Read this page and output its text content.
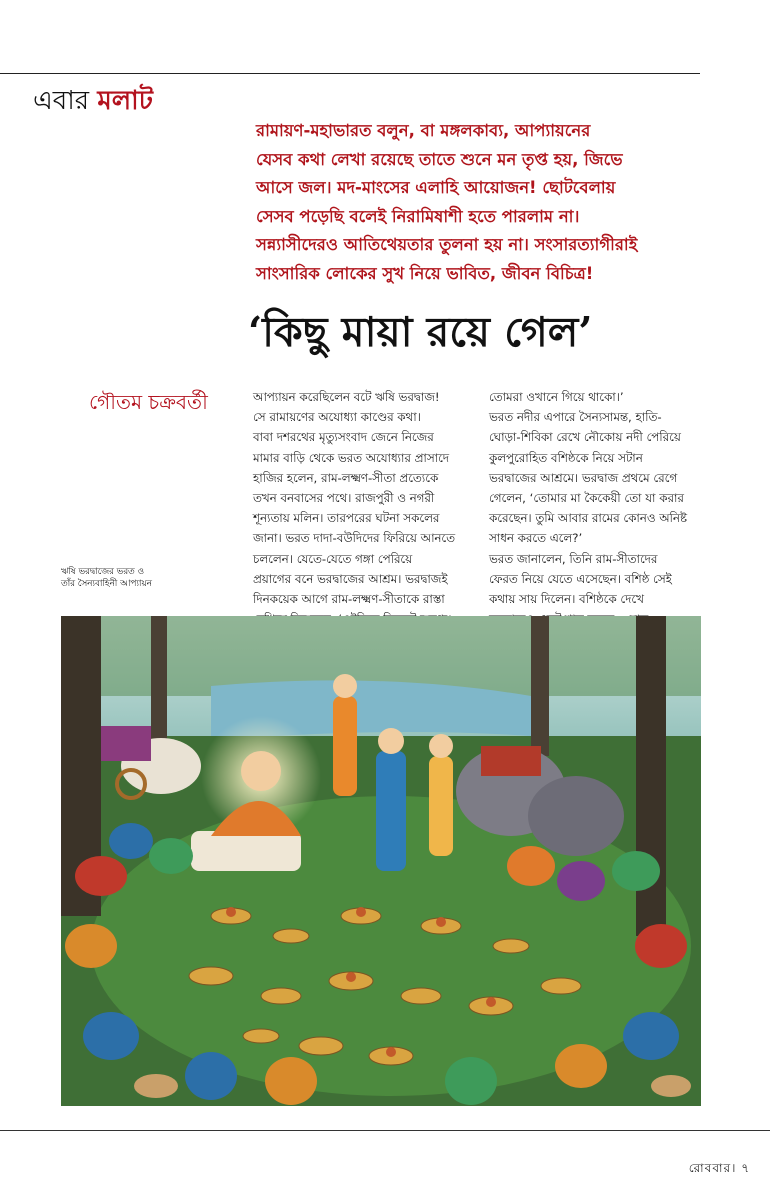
এবার মলাট
রামায়ণ-মহাভারত বলুন, বা মঙ্গলকাব্য, আপ্যায়নের
যেসব কথা লেখা রয়েছে তাতে শুনে মন তৃপ্ত হয়, জিভে
আসে জল। মদ-মাংসের এলাহি আয়োজন! ছোটবেলায়
সেসব পড়েছি বলেই নিরামিষাশী হতে পারলাম না।
সন্ন্যাসীদেরও আতিথেয়তার তুলনা হয় না। সংসারত্যাগীরাই
সাংসারিক লোকের সুখ নিয়ে ভাবিত, জীবন বিচিত্র!
‘কিছু মায়া রয়ে গেল’
গৌতম চক্রবর্তী	আপ্যায়ন করেছিলেন বটে ঋষি ভরদ্বাজ!
সে রামায়ণের অযোধ্যা কাণ্ডের কথা।
বাবা দশরথের মৃত্যুসংবাদ জেনে নিজের
মামার বাড়ি থেকে ভরত অযোধ্যার প্রাসাদে
হাজির হলেন, রাম-লক্ষ্মণ-সীতা প্রত্যেকে
তখন বনবাসের পথে। রাজপুরী ও নগরী
শূন্যতায় মলিন। তারপরের ঘটনা সকলের
জানা। ভরত দাদা-বউদিদের ফিরিয়ে আনতে
চললেন। যেতে-যেতে গঙ্গা পেরিয়ে
প্রয়াগের বনে ভরদ্বাজের আশ্রম। ভরদ্বাজই
দিনকয়েক আগে রাম-লক্ষ্মণ-সীতাকে রাস্তা

তোমরা ওখানে গিয়ে থাকো।’
ভরত নদীর এপারে সৈন্যসামন্ত, হাতি-
ঘোড়া-শিবিকা রেখে নৌকোয় নদী পেরিয়ে
কুলপুরোহিত বশিষ্ঠকে নিয়ে সটান
ভরদ্বাজের আশ্রমে। ভরদ্বাজ প্রথমে রেগে
গেলেন, ‘তোমার মা কৈকেয়ী তো যা করার
করেছেন। তুমি আবার রামের কোনও অনিষ্ট
সাধন করতে এলে?’
ভরত জানালেন, তিনি রাম-সীতাদের
ফেরত নিয়ে যেতে এসেছেন। বশিষ্ঠ সেই
কথায় সায় দিলেন। বশিষ্ঠকে দেখে

ঋষি ভরদ্বাজের ভরত ও
তাঁর সৈন্যবাহিনী আপ্যায়ন
রোববার। ৭
